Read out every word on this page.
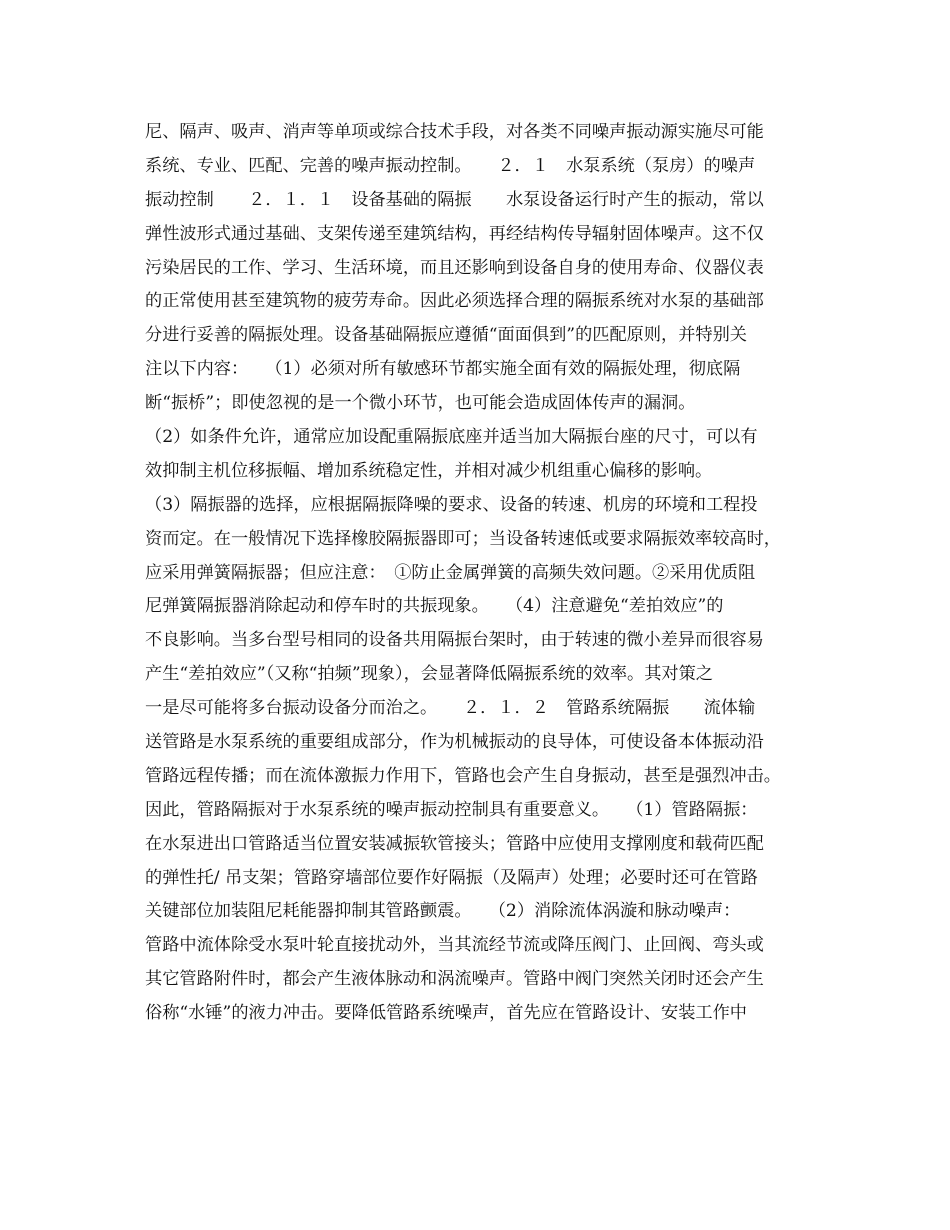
尼、隔声、吸声、消声等单项或综合技术手段，对各类不同噪声振动源实施尽可能
系统、专业、匹配、完善的噪声振动控制。　　２．１　水泵系统（泵房）的噪声
振动控制　　２．１．１　设备基础的隔振　　水泵设备运行时产生的振动，常以
弹性波形式通过基础、支架传递至建筑结构，再经结构传导辐射固体噪声。这不仅
污染居民的工作、学习、生活环境，而且还影响到设备自身的使用寿命、仪器仪表
的正常使用甚至建筑物的疲劳寿命。因此必须选择合理的隔振系统对水泵的基础部
分进行妥善的隔振处理。设备基础隔振应遵循“面面俱到”的匹配原则，并特别关
注以下内容：　　（1）必须对所有敏感环节都实施全面有效的隔振处理，彻底隔
断“振桥”；即使忽视的是一个微小环节，也可能会造成固体传声的漏洞。
（2）如条件允许，通常应加设配重隔振底座并适当加大隔振台座的尺寸，可以有
效抑制主机位移振幅、增加系统稳定性，并相对减少机组重心偏移的影响。
（3）隔振器的选择，应根据隔振降噪的要求、设备的转速、机房的环境和工程投
资而定。在一般情况下选择橡胶隔振器即可；当设备转速低或要求隔振效率较高时，
应采用弹簧隔振器；但应注意：　①防止金属弹簧的高频失效问题。②采用优质阻
尼弹簧隔振器消除起动和停车时的共振现象。　　（4）注意避免“差拍效应”的
不良影响。当多台型号相同的设备共用隔振台架时，由于转速的微小差异而很容易
产生“差拍效应”（又称“拍频”现象），会显著降低隔振系统的效率。其对策之
一是尽可能将多台振动设备分而治之。　　２．１．２　管路系统隔振　　流体输
送管路是水泵系统的重要组成部分，作为机械振动的良导体，可使设备本体振动沿
管路远程传播；而在流体激振力作用下，管路也会产生自身振动，甚至是强烈冲击。
因此，管路隔振对于水泵系统的噪声振动控制具有重要意义。　　（1）管路隔振：
在水泵进出口管路适当位置安装减振软管接头；管路中应使用支撑刚度和载荷匹配
的弹性托/ 吊支架；管路穿墙部位要作好隔振（及隔声）处理；必要时还可在管路
关键部位加装阻尼耗能器抑制其管路颤震。　　（2）消除流体涡漩和脉动噪声：
管路中流体除受水泵叶轮直接扰动外，当其流经节流或降压阀门、止回阀、弯头或
其它管路附件时，都会产生液体脉动和涡流噪声。管路中阀门突然关闭时还会产生
俗称“水锤”的液力冲击。要降低管路系统噪声，首先应在管路设计、安装工作中
